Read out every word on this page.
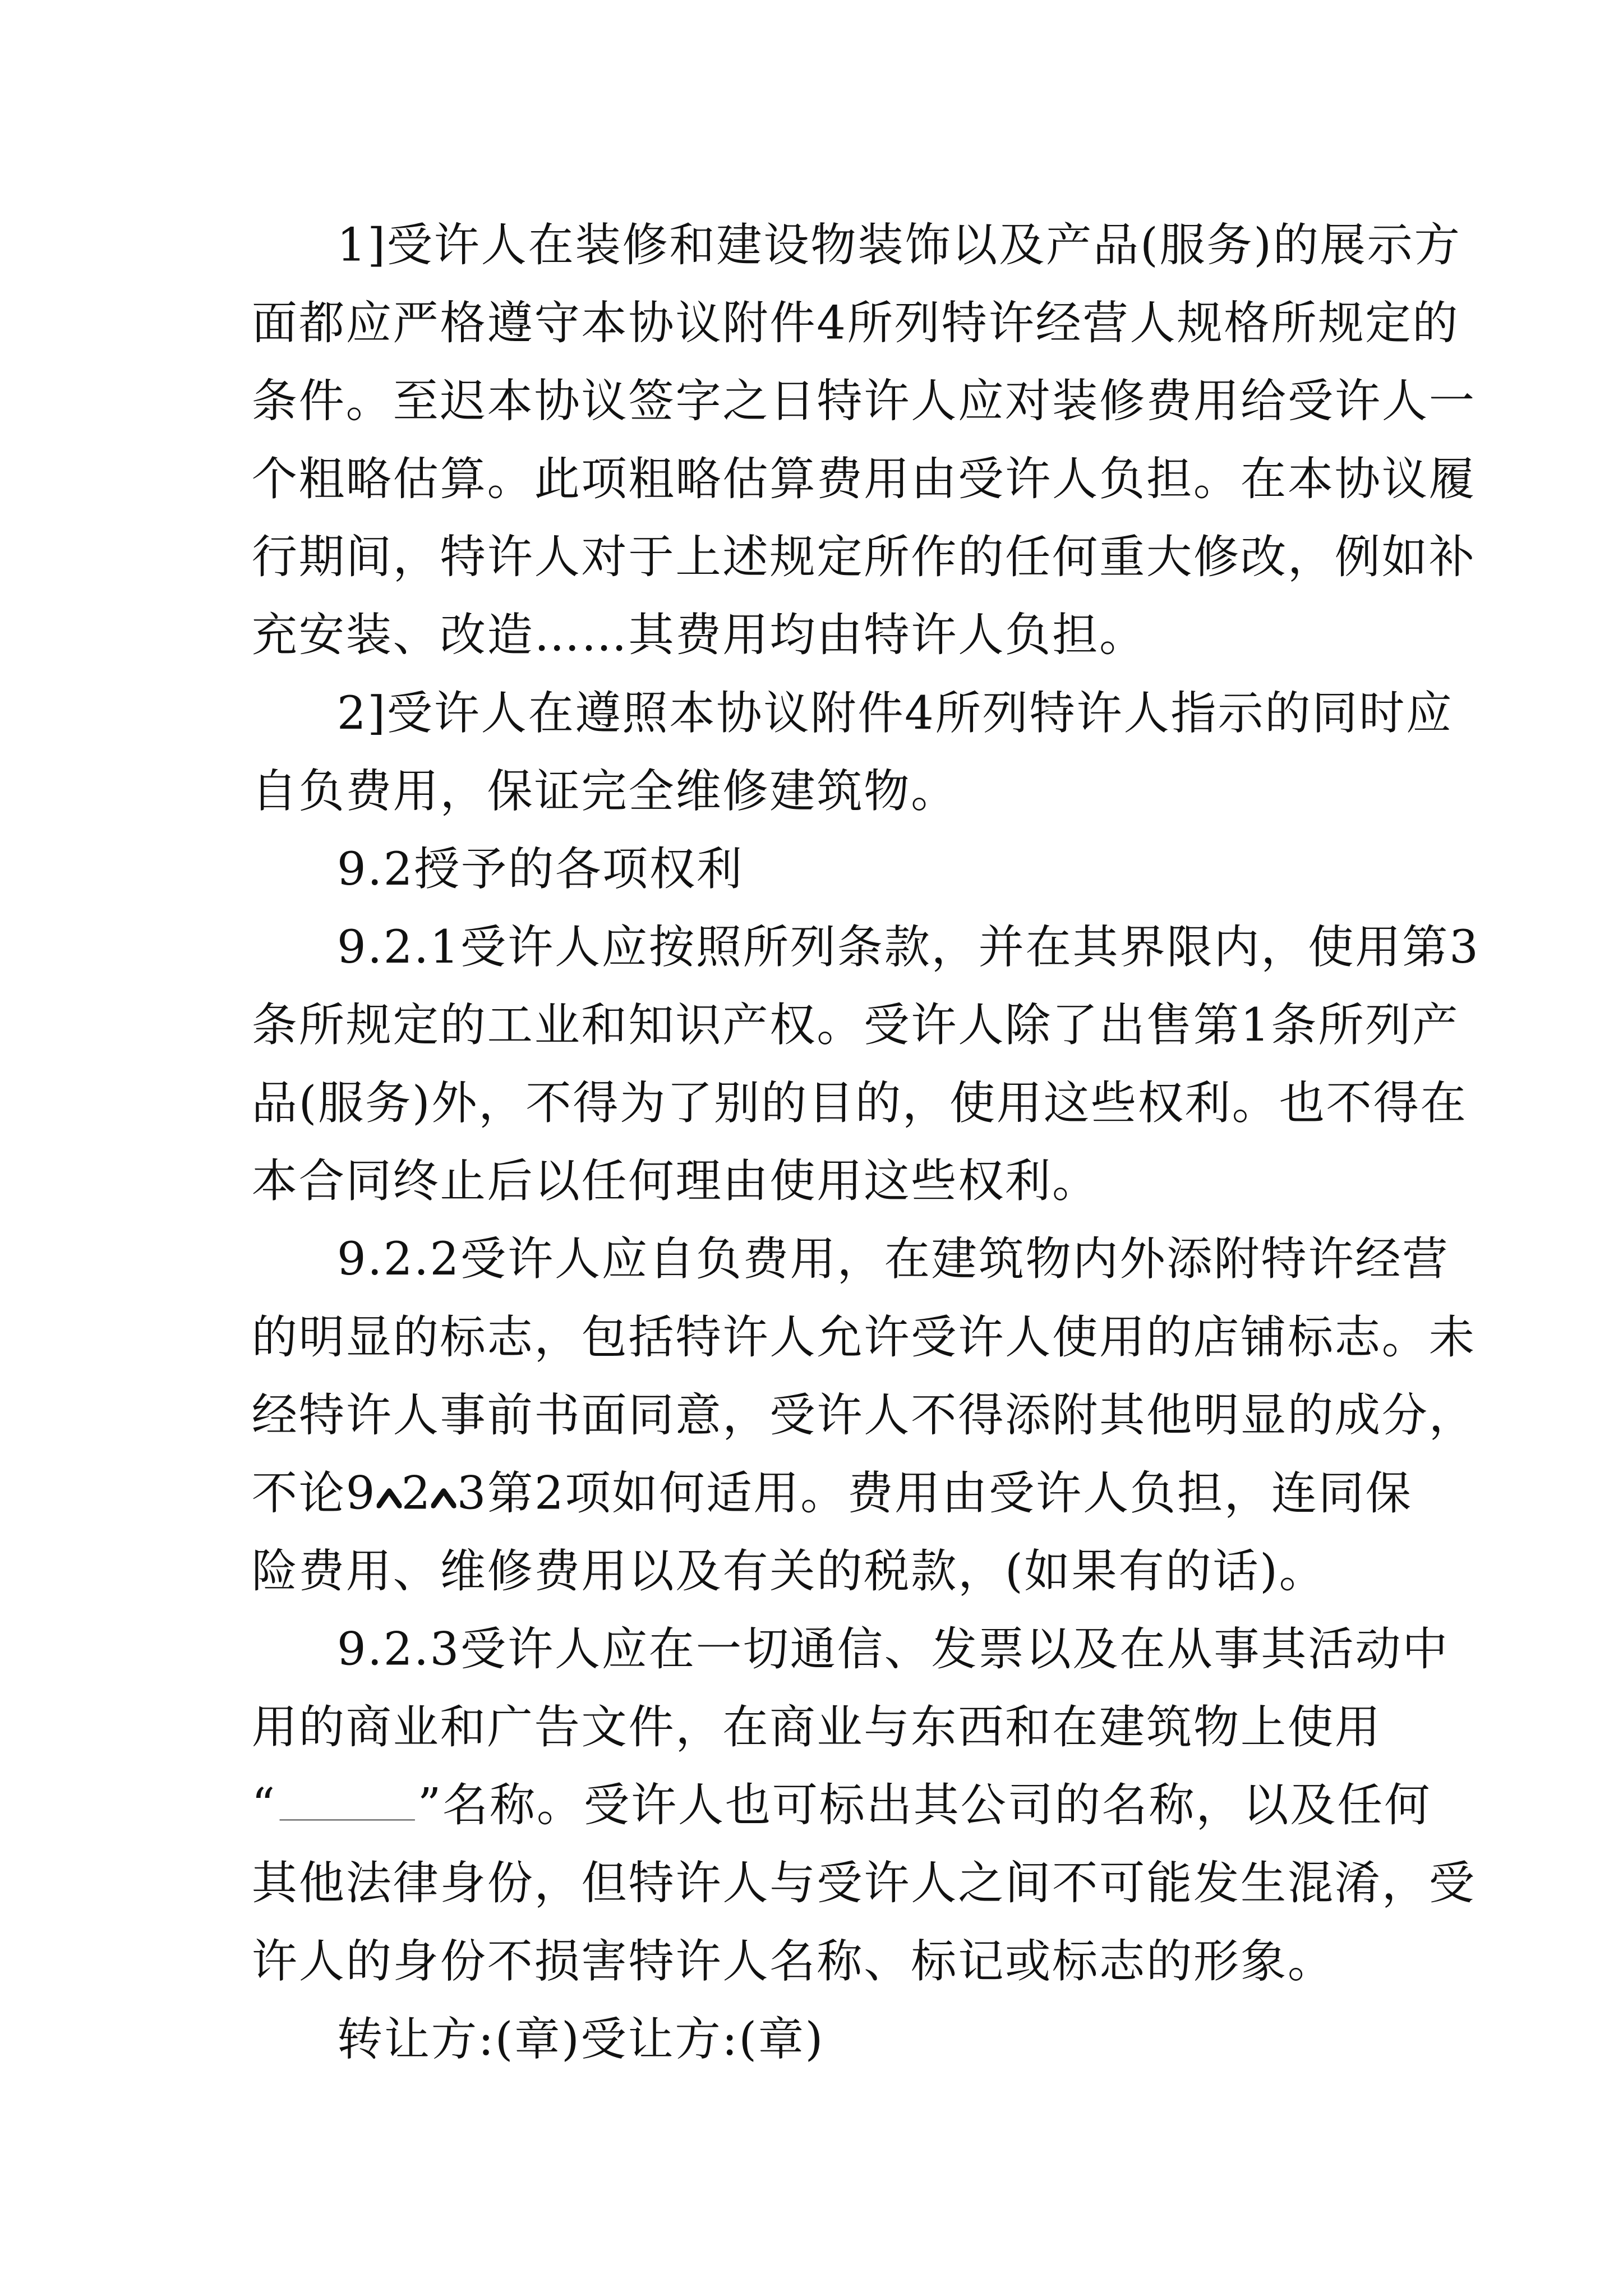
1]受许人在装修和建设物装饰以及产品(服务)的展示方
面都应严格遵守本协议附件4所列特许经营人规格所规定的
条件。至迟本协议签字之日特许人应对装修费用给受许人一
个粗略估算。此项粗略估算费用由受许人负担。在本协议履
行期间，特许人对于上述规定所作的任何重大修改，例如补
充安装、改造……其费用均由特许人负担。
2]受许人在遵照本协议附件4所列特许人指示的同时应
自负费用，保证完全维修建筑物。
9.2授予的各项权利
9.2.1受许人应按照所列条款，并在其界限内，使用第3
条所规定的工业和知识产权。受许人除了出售第1条所列产
品(服务)外，不得为了别的目的，使用这些权利。也不得在
本合同终止后以任何理由使用这些权利。
9.2.2受许人应自负费用，在建筑物内外添附特许经营
的明显的标志，包括特许人允许受许人使用的店铺标志。未
经特许人事前书面同意，受许人不得添附其他明显的成分，
不论9 2 3第2项如何适用。费用由受许人负担，连同保
险费用、维修费用以及有关的税款，(如果有的话)。
9.2.3受许人应在一切通信、发票以及在从事其活动中
用的商业和广告文件，在商业与东西和在建筑物上使用
“	”名称。受许人也可标出其公司的名称，以及任何
其他法律身份，但特许人与受许人之间不可能发生混淆，受
许人的身份不损害特许人名称、标记或标志的形象。
转让方:(章)受让方:(章)
